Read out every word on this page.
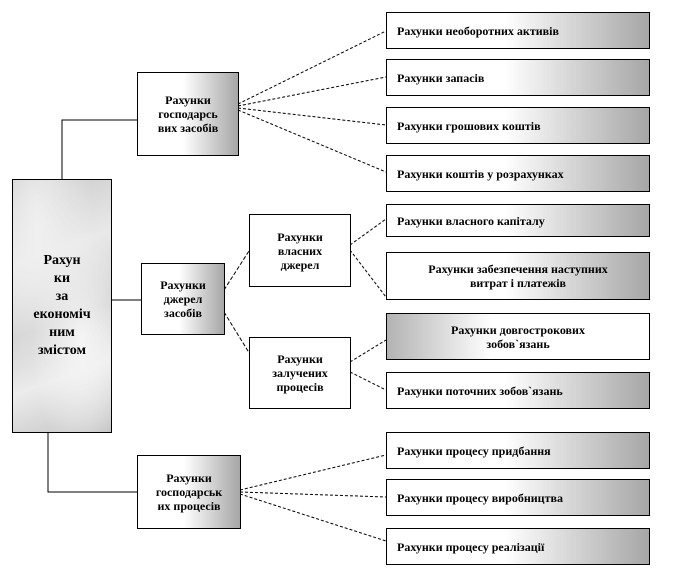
Рахун
ки
за
економіч
ним
змістом
Рахунки
господарсь
вих засобів
Рахунки
джерел
засобів
Рахунки
господарськ
их процесів
Рахунки
власних
джерел
Рахунки
залучених
процесів
Рахунки необоротних активів
Рахунки запасів
Рахунки грошових коштів
Рахунки коштів у розрахунках
Рахунки власного капіталу
Рахунки забезпечення наступних
витрат і платежів
Рахунки довгострокових
зобов`язань
Рахунки поточних зобов`язань
Рахунки процесу придбання
Рахунки процесу виробництва
Рахунки процесу реалізації
